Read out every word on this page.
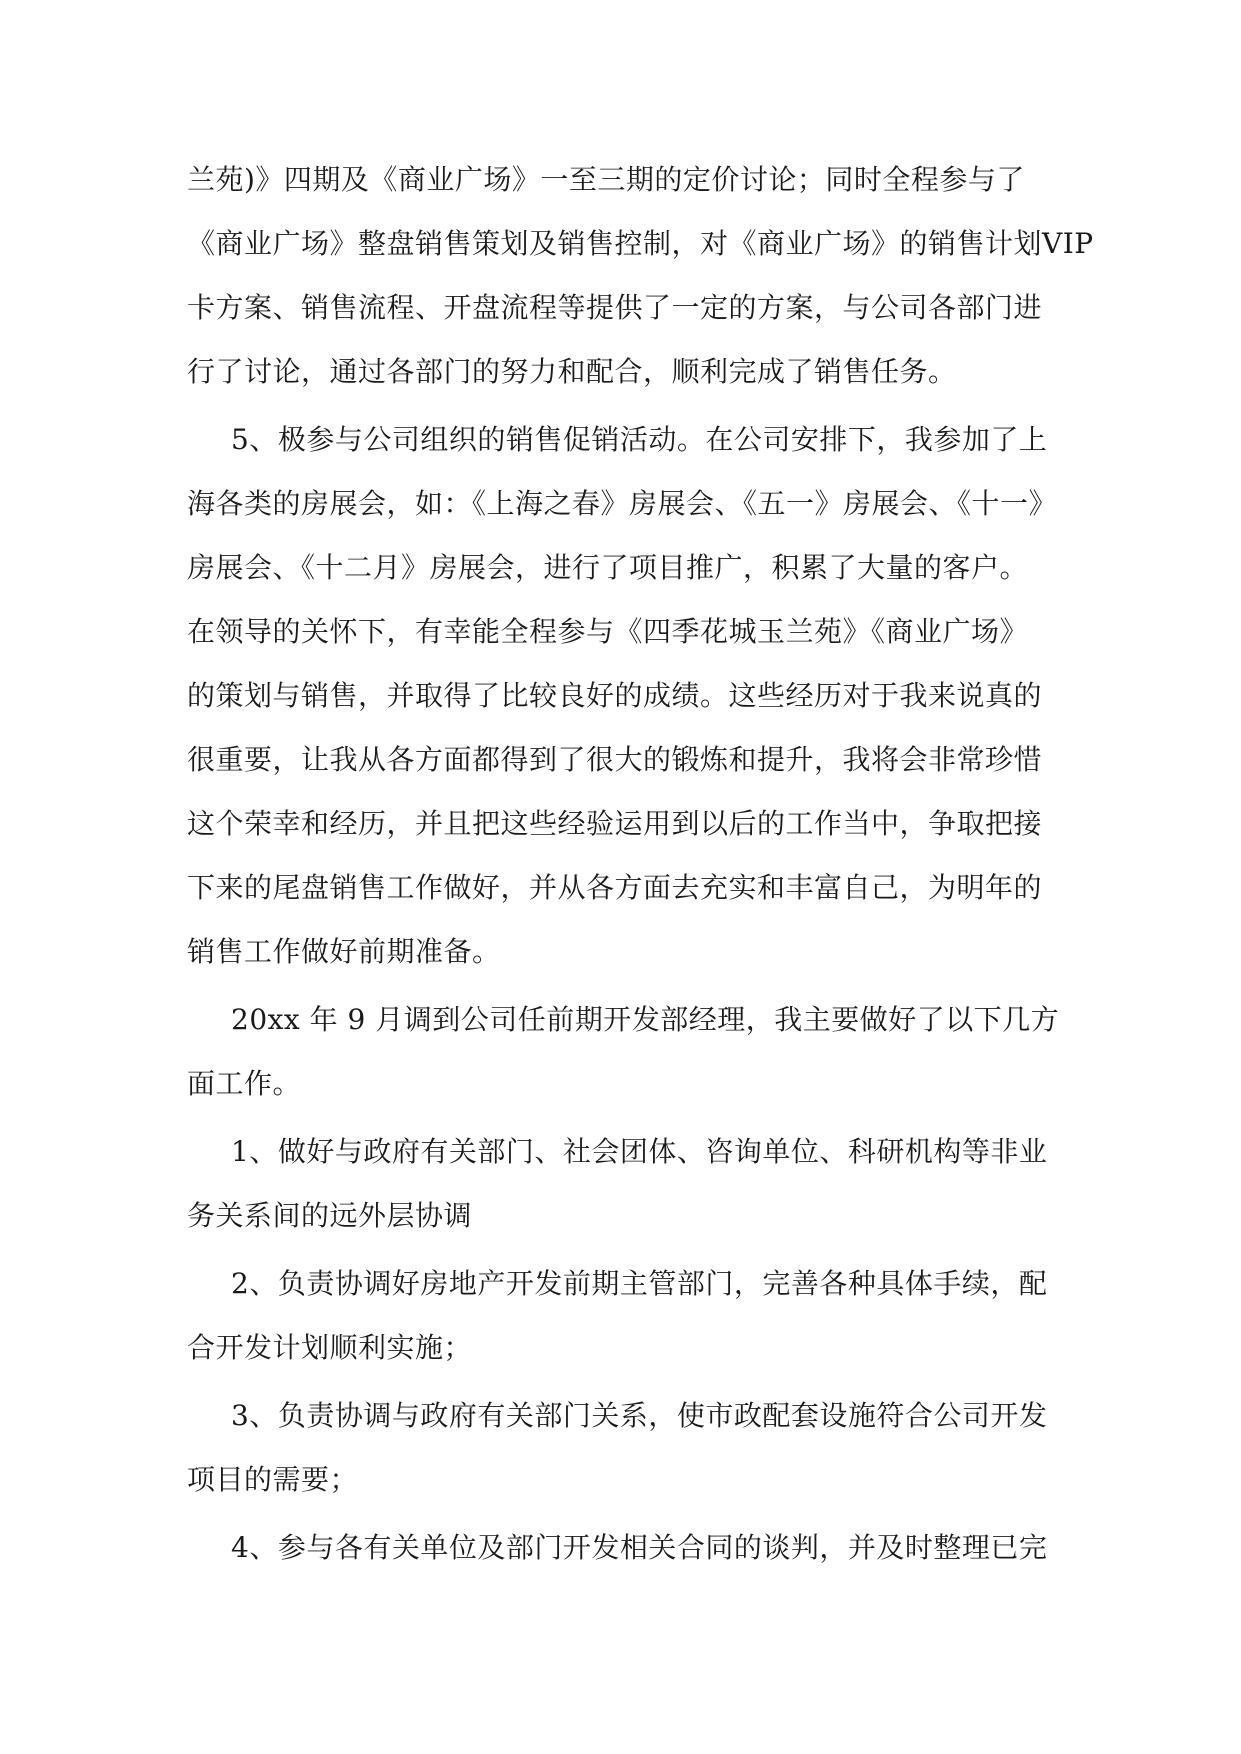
兰苑)》四期及《商业广场》一至三期的定价讨论；同时全程参与了
《商业广场》整盘销售策划及销售控制，对《商业广场》的销售计划VIP
卡方案、销售流程、开盘流程等提供了一定的方案，与公司各部门进
行了讨论，通过各部门的努力和配合，顺利完成了销售任务。
5、极参与公司组织的销售促销活动。在公司安排下，我参加了上
海各类的房展会，如：《上海之春》房展会、《五一》房展会、《十一》
房展会、《十二月》房展会，进行了项目推广，积累了大量的客户。
在领导的关怀下，有幸能全程参与《四季花城玉兰苑》《商业广场》
的策划与销售，并取得了比较良好的成绩。这些经历对于我来说真的
很重要，让我从各方面都得到了很大的锻炼和提升，我将会非常珍惜
这个荣幸和经历，并且把这些经验运用到以后的工作当中，争取把接
下来的尾盘销售工作做好，并从各方面去充实和丰富自己，为明年的
销售工作做好前期准备。
20xx 年 9 月调到公司任前期开发部经理，我主要做好了以下几方
面工作。
1、做好与政府有关部门、社会团体、咨询单位、科研机构等非业
务关系间的远外层协调
2、负责协调好房地产开发前期主管部门，完善各种具体手续，配
合开发计划顺利实施；
3、负责协调与政府有关部门关系，使市政配套设施符合公司开发
项目的需要；
4、参与各有关单位及部门开发相关合同的谈判，并及时整理已完
